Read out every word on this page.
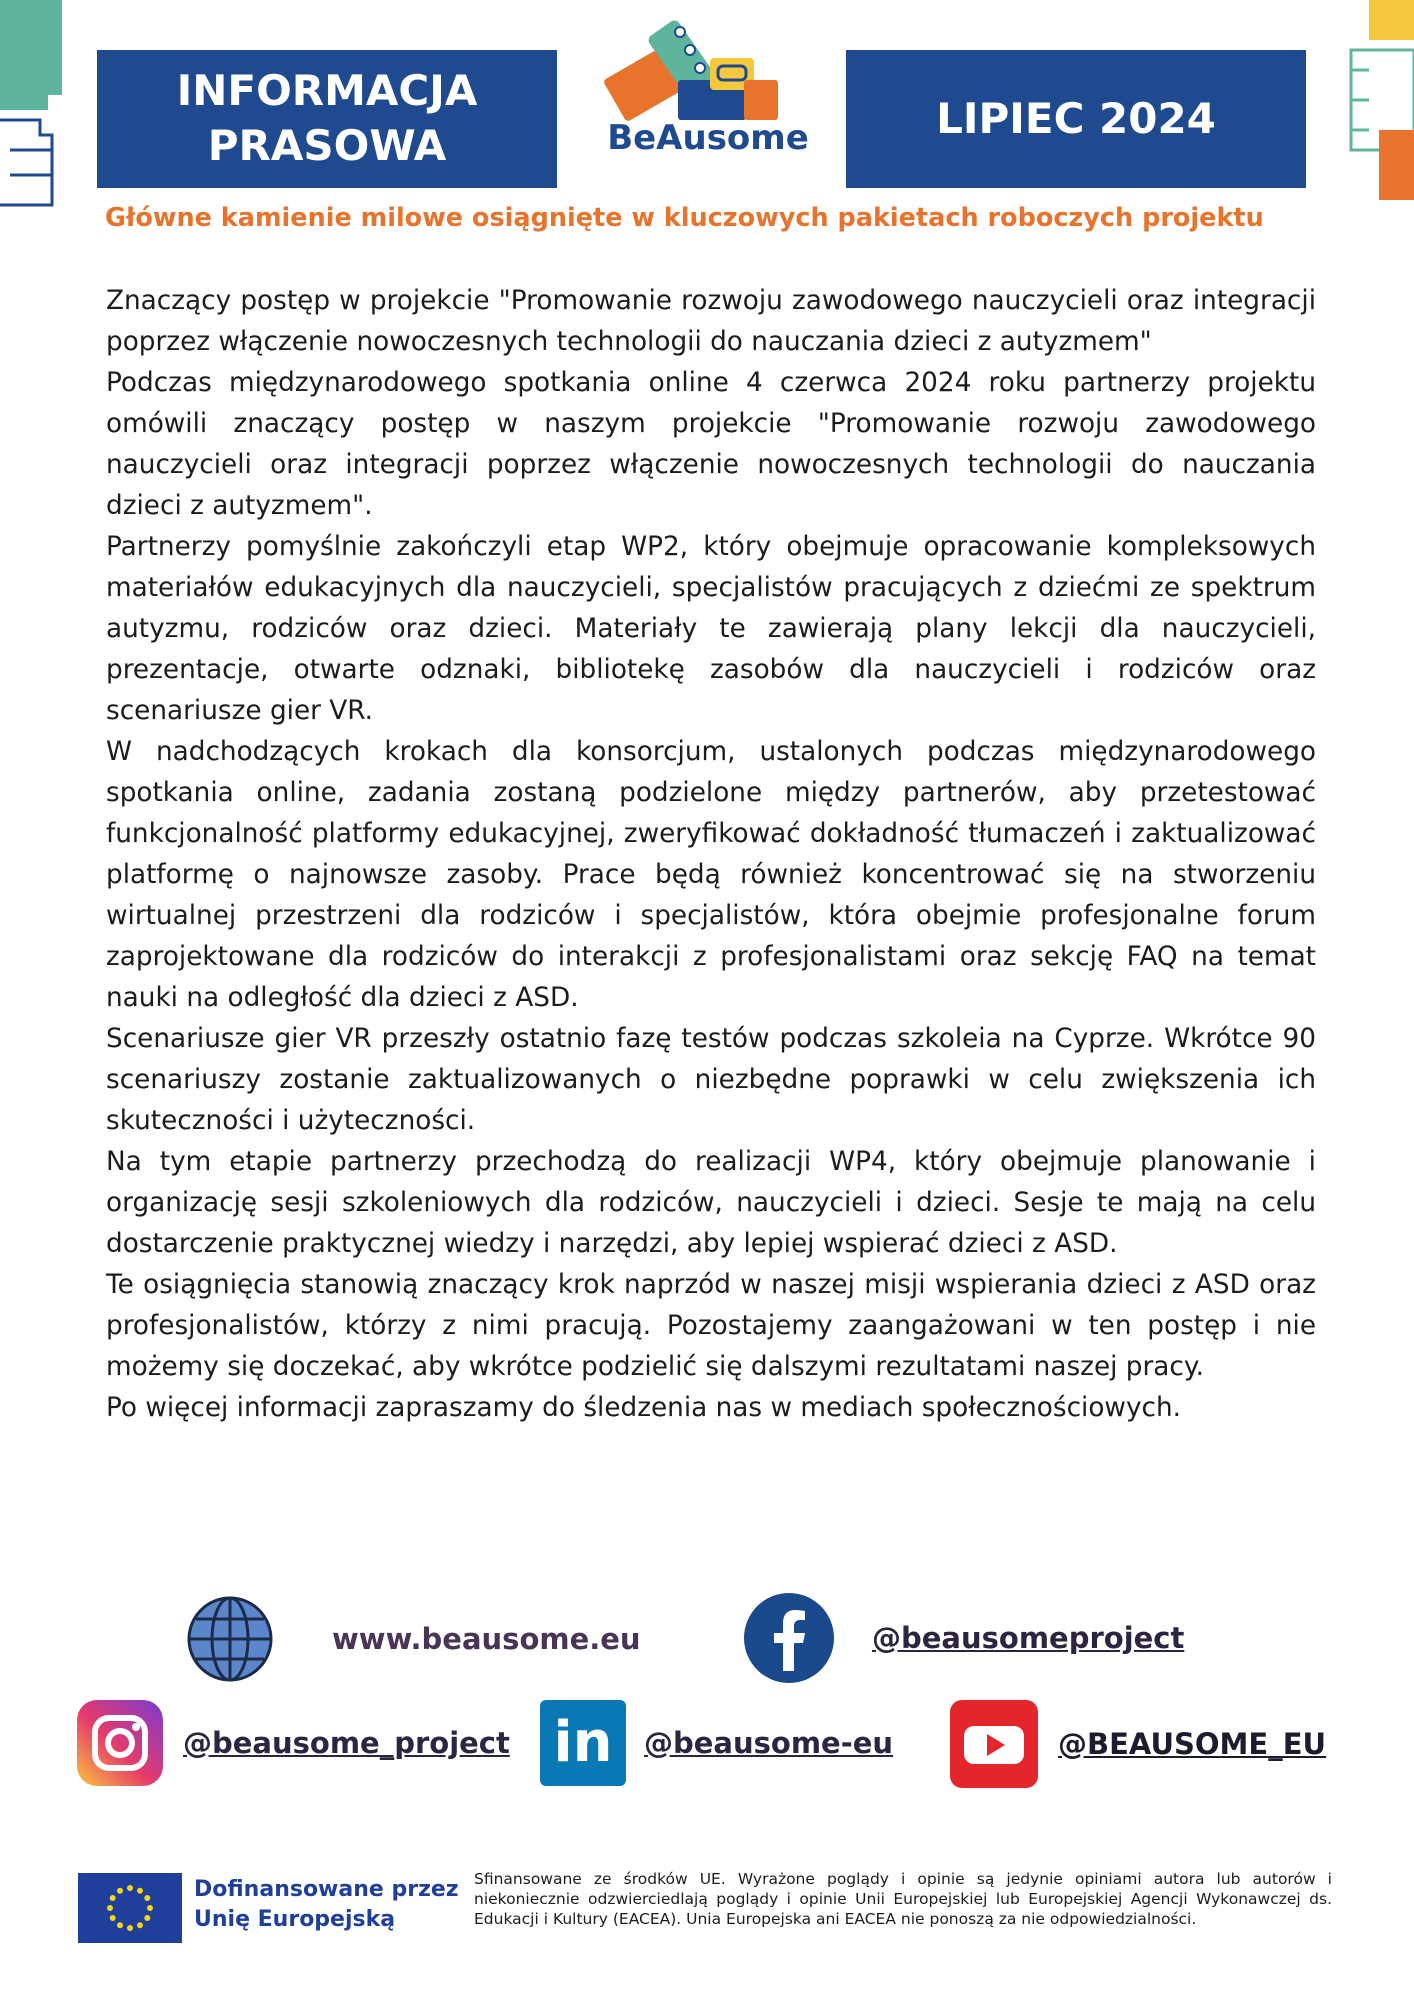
INFORMACJA
PRASOWA	BeAusome	LIPIEC 2024
Główne kamienie milowe osiągnięte w kluczowych pakietach roboczych projektu

Znaczący postęp w projekcie "Promowanie rozwoju zawodowego nauczycieli oraz integracji poprzez włączenie nowoczesnych technologii do nauczania dzieci z autyzmem"

Podczas międzynarodowego spotkania online 4 czerwca 2024 roku partnerzy projektu omówili znaczący postęp w naszym projekcie "Promowanie rozwoju zawodowego nauczycieli oraz integracji poprzez włączenie nowoczesnych technologii do nauczania dzieci z autyzmem".

Partnerzy pomyślnie zakończyli etap WP2, który obejmuje opracowanie kompleksowych materiałów edukacyjnych dla nauczycieli, specjalistów pracujących z dziećmi ze spektrum autyzmu, rodziców oraz dzieci. Materiały te zawierają plany lekcji dla nauczycieli, prezentacje, otwarte odznaki, bibliotekę zasobów dla nauczycieli i rodziców oraz scenariusze gier VR.

W nadchodzących krokach dla konsorcjum, ustalonych podczas międzynarodowego spotkania online, zadania zostaną podzielone między partnerów, aby przetestować funkcjonalność platformy edukacyjnej, zweryfikować dokładność tłumaczeń i zaktualizować platformę o najnowsze zasoby. Prace będą również koncentrować się na stworzeniu wirtualnej przestrzeni dla rodziców i specjalistów, która obejmie profesjonalne forum zaprojektowane dla rodziców do interakcji z profesjonalistami oraz sekcję FAQ na temat nauki na odległość dla dzieci z ASD.

Scenariusze gier VR przeszły ostatnio fazę testów podczas szkoleia na Cyprze. Wkrótce 90 scenariuszy zostanie zaktualizowanych o niezbędne poprawki w celu zwiększenia ich skuteczności i użyteczności.

Na tym etapie partnerzy przechodzą do realizacji WP4, który obejmuje planowanie i organizację sesji szkoleniowych dla rodziców, nauczycieli i dzieci. Sesje te mają na celu dostarczenie praktycznej wiedzy i narzędzi, aby lepiej wspierać dzieci z ASD.

Te osiągnięcia stanowią znaczący krok naprzód w naszej misji wspierania dzieci z ASD oraz profesjonalistów, którzy z nimi pracują. Pozostajemy zaangażowani w ten postęp i nie możemy się doczekać, aby wkrótce podzielić się dalszymi rezultatami naszej pracy.

Po więcej informacji zapraszamy do śledzenia nas w mediach społecznościowych.

www.beausome.eu	@beausomeproject
@beausome_project in @beausome-eu	@BEAUSOME_EU
Dofinansowane przez
Unię Europejską
Sfinansowane ze środków UE. Wyrażone poglądy i opinie są jedynie opiniami autora lub autorów i niekoniecznie odzwierciedlają poglądy i opinie Unii Europejskiej lub Europejskiej Agencji Wykonawczej ds. Edukacji i Kultury (EACEA). Unia Europejska ani EACEA nie ponoszą za nie odpowiedzialności.
